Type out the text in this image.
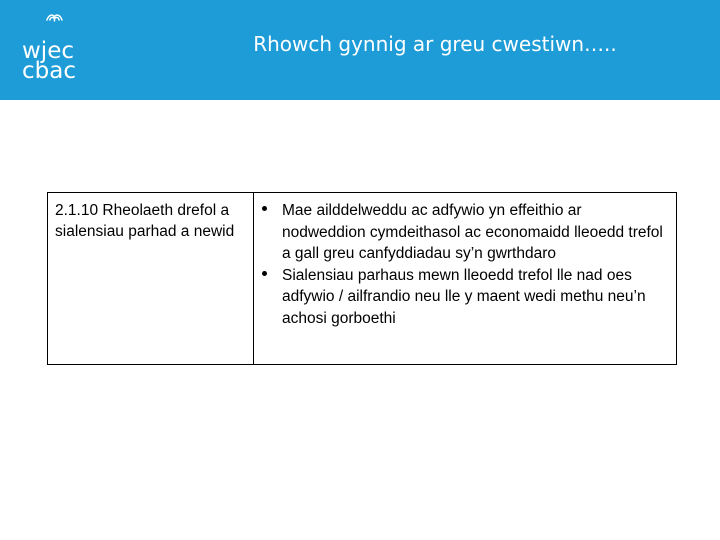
wjec
cbac
Rhowch gynnig ar greu cwestiwn…..
2.1.10 Rheolaeth drefol a sialensiau parhad a newid
Mae ailddelweddu ac adfywio yn effeithio ar nodweddion cymdeithasol ac economaidd lleoedd trefol a gall greu canfyddiadau sy’n gwrthdaro
Sialensiau parhaus mewn lleoedd trefol lle nad oes adfywio / ailfrandio neu lle y maent wedi methu neu’n achosi gorboethi
